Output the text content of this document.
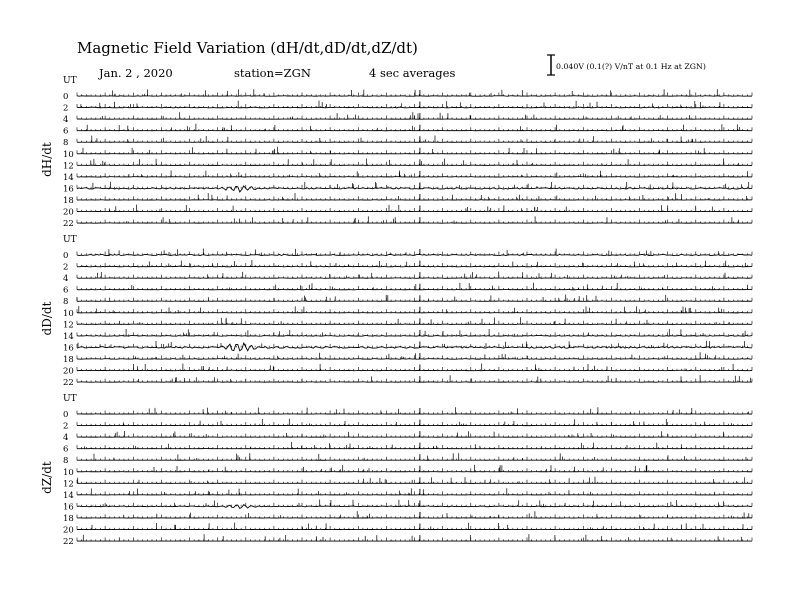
Magnetic Field Variation (dH/dt,dD/dt,dZ/dt)
Jan. 2 , 2020	station=ZGN	4 sec averages	0.040V (0.1(?) V/nT at 0.1 Hz at ZGN)
UT
dH/dt
0
2
4
6
8
10
12
14
16
18
20
22
UT
dD/dt
0
2
4
6
8
10
12
14
16
18
20
22
UT
dZ/dt
0
2
4
6
8
10
12
14
16
18
20
22
